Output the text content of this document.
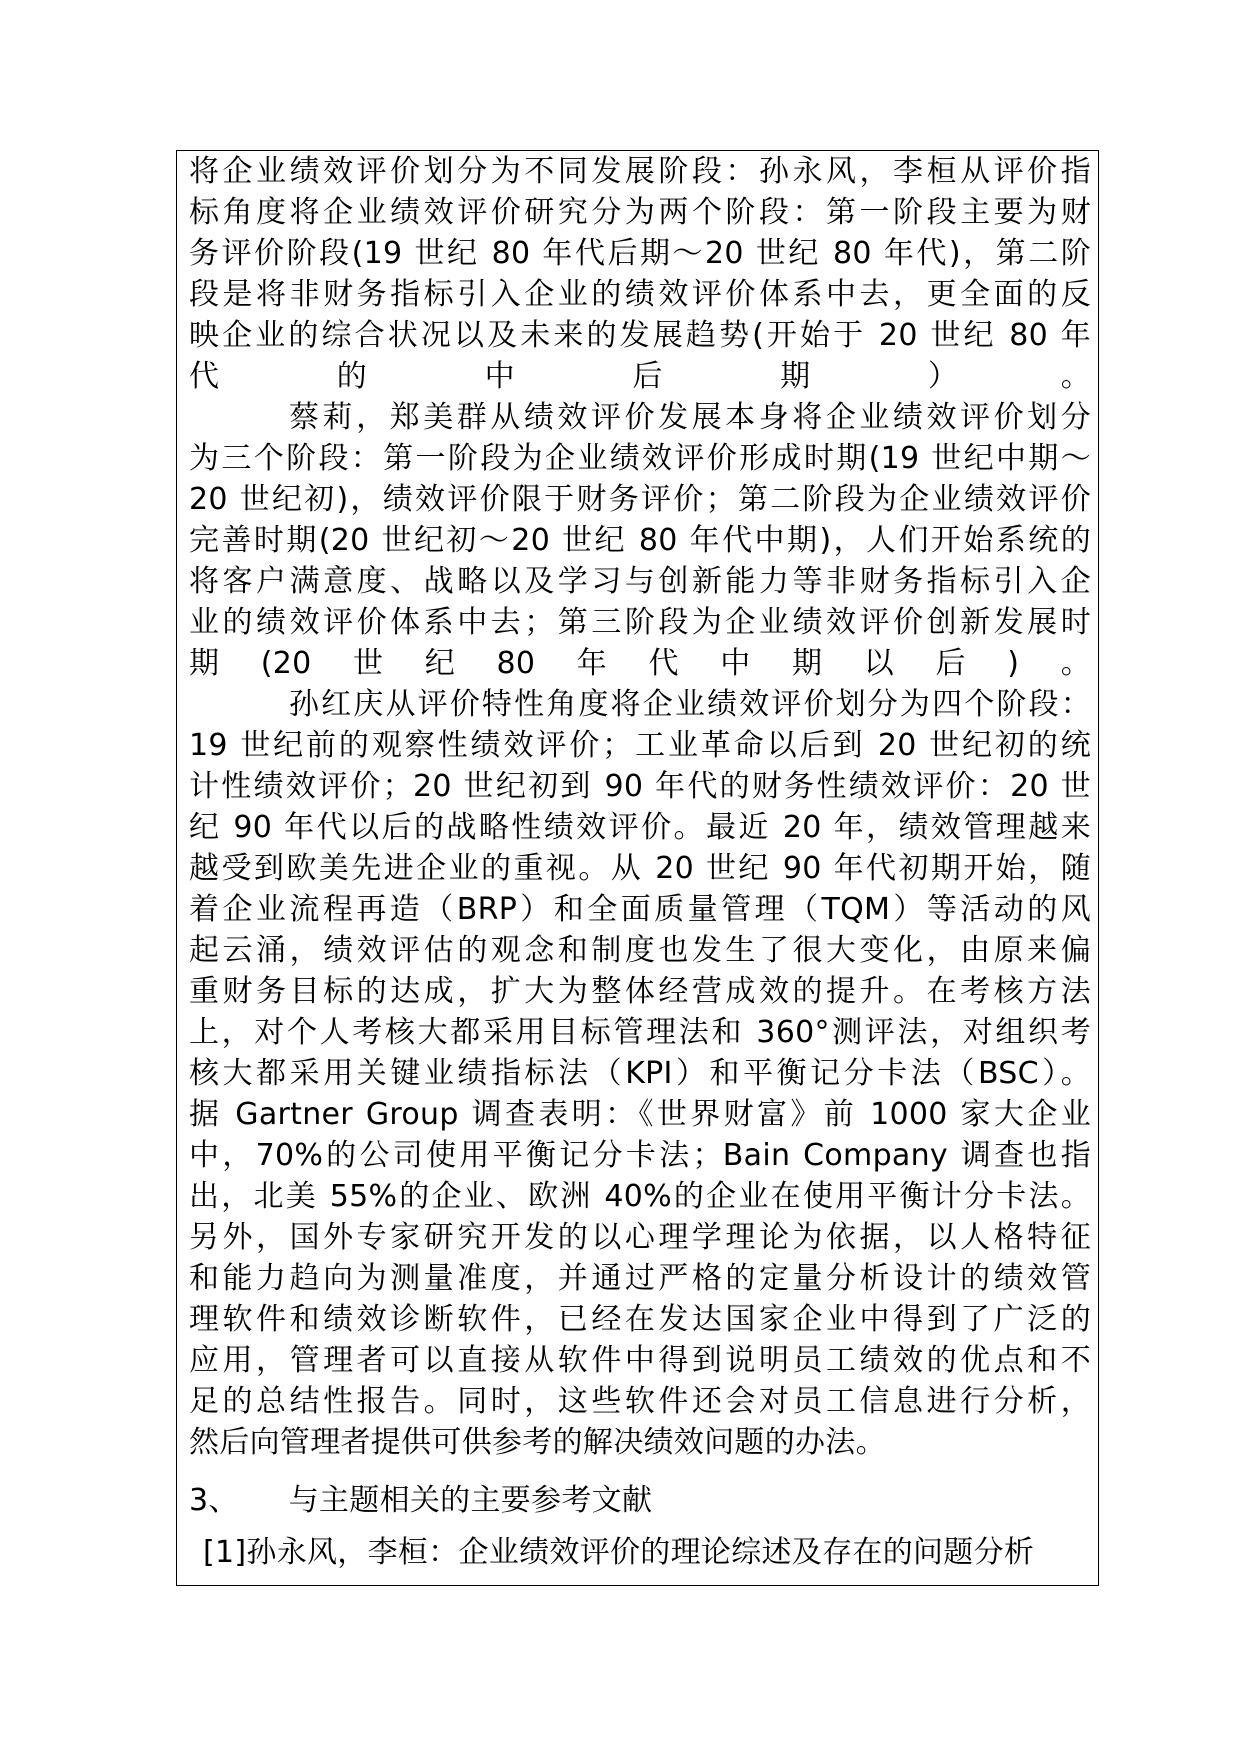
将企业绩效评价划分为不同发展阶段：孙永风，李桓从评价指
标角度将企业绩效评价研究分为两个阶段：第一阶段主要为财
务评价阶段(19 世纪 80 年代后期～20 世纪 80 年代)，第二阶
段是将非财务指标引入企业的绩效评价体系中去，更全面的反
映企业的综合状况以及未来的发展趋势(开始于 20 世纪 80 年
代　的　中　后　期　）　。
蔡莉，郑美群从绩效评价发展本身将企业绩效评价划分
为三个阶段：第一阶段为企业绩效评价形成时期(19 世纪中期～
20 世纪初)，绩效评价限于财务评价；第二阶段为企业绩效评价
完善时期(20 世纪初～20 世纪 80 年代中期)，人们开始系统的
将客户满意度、战略以及学习与创新能力等非财务指标引入企
业的绩效评价体系中去；第三阶段为企业绩效评价创新发展时
期　(20　世　纪　80　年　代　中　期　以　后　)　。
孙红庆从评价特性角度将企业绩效评价划分为四个阶段：
19 世纪前的观察性绩效评价；工业革命以后到 20 世纪初的统
计性绩效评价；20 世纪初到 90 年代的财务性绩效评价：20 世
纪 90 年代以后的战略性绩效评价。最近 20 年，绩效管理越来
越受到欧美先进企业的重视。从 20 世纪 90 年代初期开始，随
着企业流程再造（BRP）和全面质量管理（TQM）等活动的风
起云涌，绩效评估的观念和制度也发生了很大变化，由原来偏
重财务目标的达成，扩大为整体经营成效的提升。在考核方法
上，对个人考核大都采用目标管理法和 360°测评法，对组织考
核大都采用关键业绩指标法（KPI）和平衡记分卡法（BSC）。
据 Gartner Group 调查表明：《世界财富》前 1000 家大企业
中，70%的公司使用平衡记分卡法；Bain Company 调查也指
出，北美 55%的企业、欧洲 40%的企业在使用平衡计分卡法。
另外，国外专家研究开发的以心理学理论为依据，以人格特征
和能力趋向为测量准度，并通过严格的定量分析设计的绩效管
理软件和绩效诊断软件，已经在发达国家企业中得到了广泛的
应用，管理者可以直接从软件中得到说明员工绩效的优点和不
足的总结性报告。同时，这些软件还会对员工信息进行分析，
然后向管理者提供可供参考的解决绩效问题的办法。
3、 与主题相关的主要参考文献
[1]孙永风，李桓：企业绩效评价的理论综述及存在的问题分析
